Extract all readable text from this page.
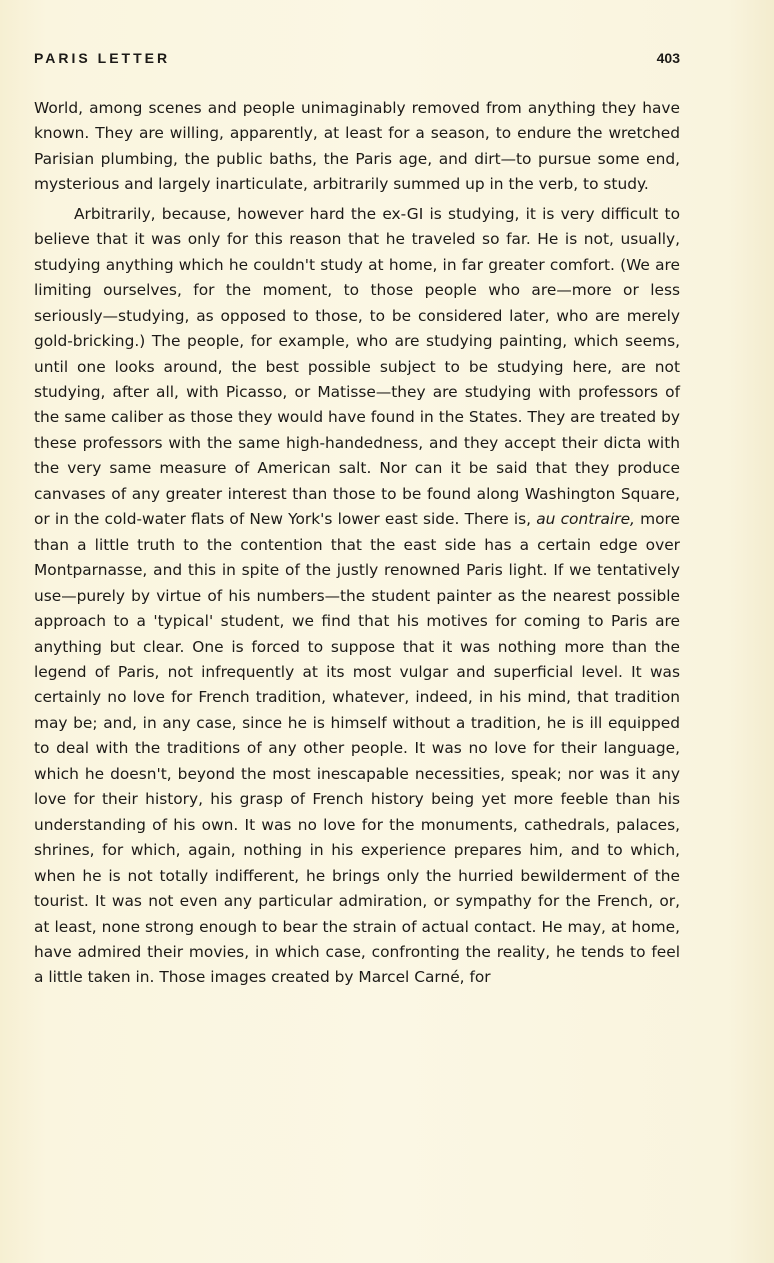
PARIS LETTER	403

World, among scenes and people unimaginably removed from anything they have known. They are willing, apparently, at least for a season, to endure the wretched Parisian plumbing, the public baths, the Paris age, and dirt—to pursue some end, mysterious and largely inarticulate, arbitrarily summed up in the verb, to study.

Arbitrarily, because, however hard the ex-GI is studying, it is very difficult to believe that it was only for this reason that he traveled so far. He is not, usually, studying anything which he couldn't study at home, in far greater comfort. (We are limiting ourselves, for the moment, to those people who are—more or less seriously—studying, as opposed to those, to be considered later, who are merely gold-bricking.) The people, for example, who are studying painting, which seems, until one looks around, the best possible subject to be studying here, are not studying, after all, with Picasso, or Matisse—they are studying with professors of the same caliber as those they would have found in the States. They are treated by these professors with the same high-handedness, and they accept their dicta with the very same measure of American salt. Nor can it be said that they produce canvases of any greater interest than those to be found along Washington Square, or in the cold-water flats of New York's lower east side. There is, au contraire, more than a little truth to the contention that the east side has a certain edge over Montparnasse, and this in spite of the justly renowned Paris light. If we tentatively use—purely by virtue of his numbers—the student painter as the nearest possible approach to a 'typical' student, we find that his motives for coming to Paris are anything but clear. One is forced to suppose that it was nothing more than the legend of Paris, not infrequently at its most vulgar and superficial level. It was certainly no love for French tradition, whatever, indeed, in his mind, that tradition may be; and, in any case, since he is himself without a tradition, he is ill equipped to deal with the traditions of any other people. It was no love for their language, which he doesn't, beyond the most inescapable necessities, speak; nor was it any love for their history, his grasp of French history being yet more feeble than his understanding of his own. It was no love for the monuments, cathedrals, palaces, shrines, for which, again, nothing in his experience prepares him, and to which, when he is not totally indifferent, he brings only the hurried bewilderment of the tourist. It was not even any particular admiration, or sympathy for the French, or, at least, none strong enough to bear the strain of actual contact. He may, at home, have admired their movies, in which case, confronting the reality, he tends to feel a little taken in. Those images created by Marcel Carné, for
